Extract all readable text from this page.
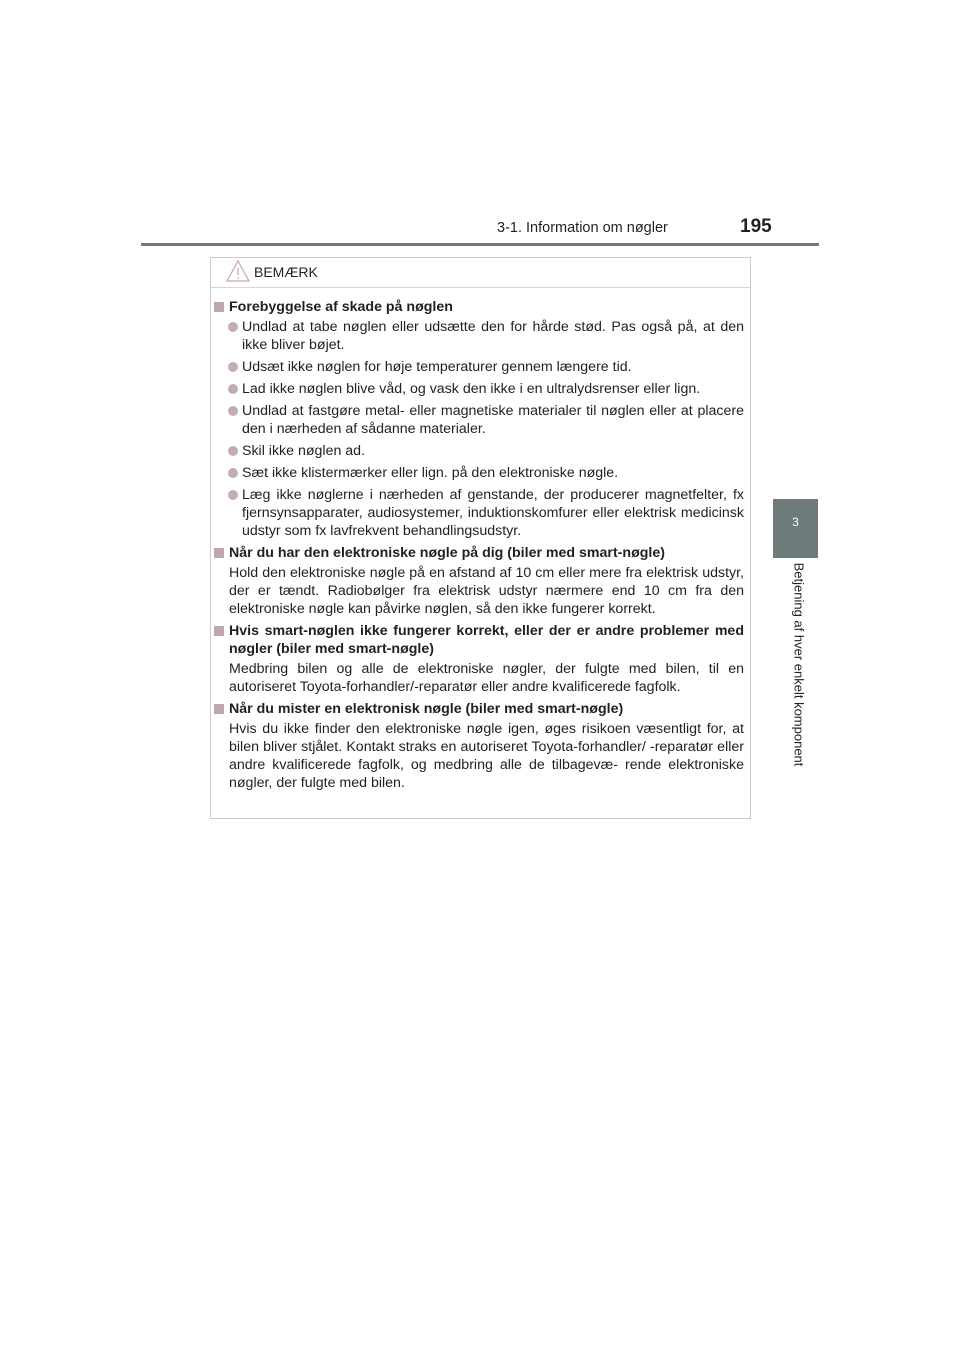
3-1. Information om nøgler	195
3
Betjening af hver enkelt komponent
BEMÆRK
Forebyggelse af skade på nøglen
Undlad at tabe nøglen eller udsætte den for hårde stød. Pas også på, at den ikke bliver bøjet.
Udsæt ikke nøglen for høje temperaturer gennem længere tid.
Lad ikke nøglen blive våd, og vask den ikke i en ultralydsrenser eller lign.
Undlad at fastgøre metal- eller magnetiske materialer til nøglen eller at placere den i nærheden af sådanne materialer.
Skil ikke nøglen ad.
Sæt ikke klistermærker eller lign. på den elektroniske nøgle.
Læg ikke nøglerne i nærheden af genstande, der producerer magnetfelter, fx fjernsynsapparater, audiosystemer, induktionskomfurer eller elektrisk medicinsk udstyr som fx lavfrekvent behandlingsudstyr.
Når du har den elektroniske nøgle på dig (biler med smart-nøgle)
Hold den elektroniske nøgle på en afstand af 10 cm eller mere fra elektrisk udstyr, der er tændt. Radiobølger fra elektrisk udstyr nærmere end 10 cm fra den elektroniske nøgle kan påvirke nøglen, så den ikke fungerer korrekt.
Hvis smart-nøglen ikke fungerer korrekt, eller der er andre problemer med nøgler (biler med smart-nøgle)
Medbring bilen og alle de elektroniske nøgler, der fulgte med bilen, til en autoriseret Toyota-forhandler/-reparatør eller andre kvalificerede fagfolk.
Når du mister en elektronisk nøgle (biler med smart-nøgle)
Hvis du ikke finder den elektroniske nøgle igen, øges risikoen væsentligt for, at bilen bliver stjålet. Kontakt straks en autoriseret Toyota-forhandler/ -reparatør eller andre kvalificerede fagfolk, og medbring alle de tilbagevæ- rende elektroniske nøgler, der fulgte med bilen.
